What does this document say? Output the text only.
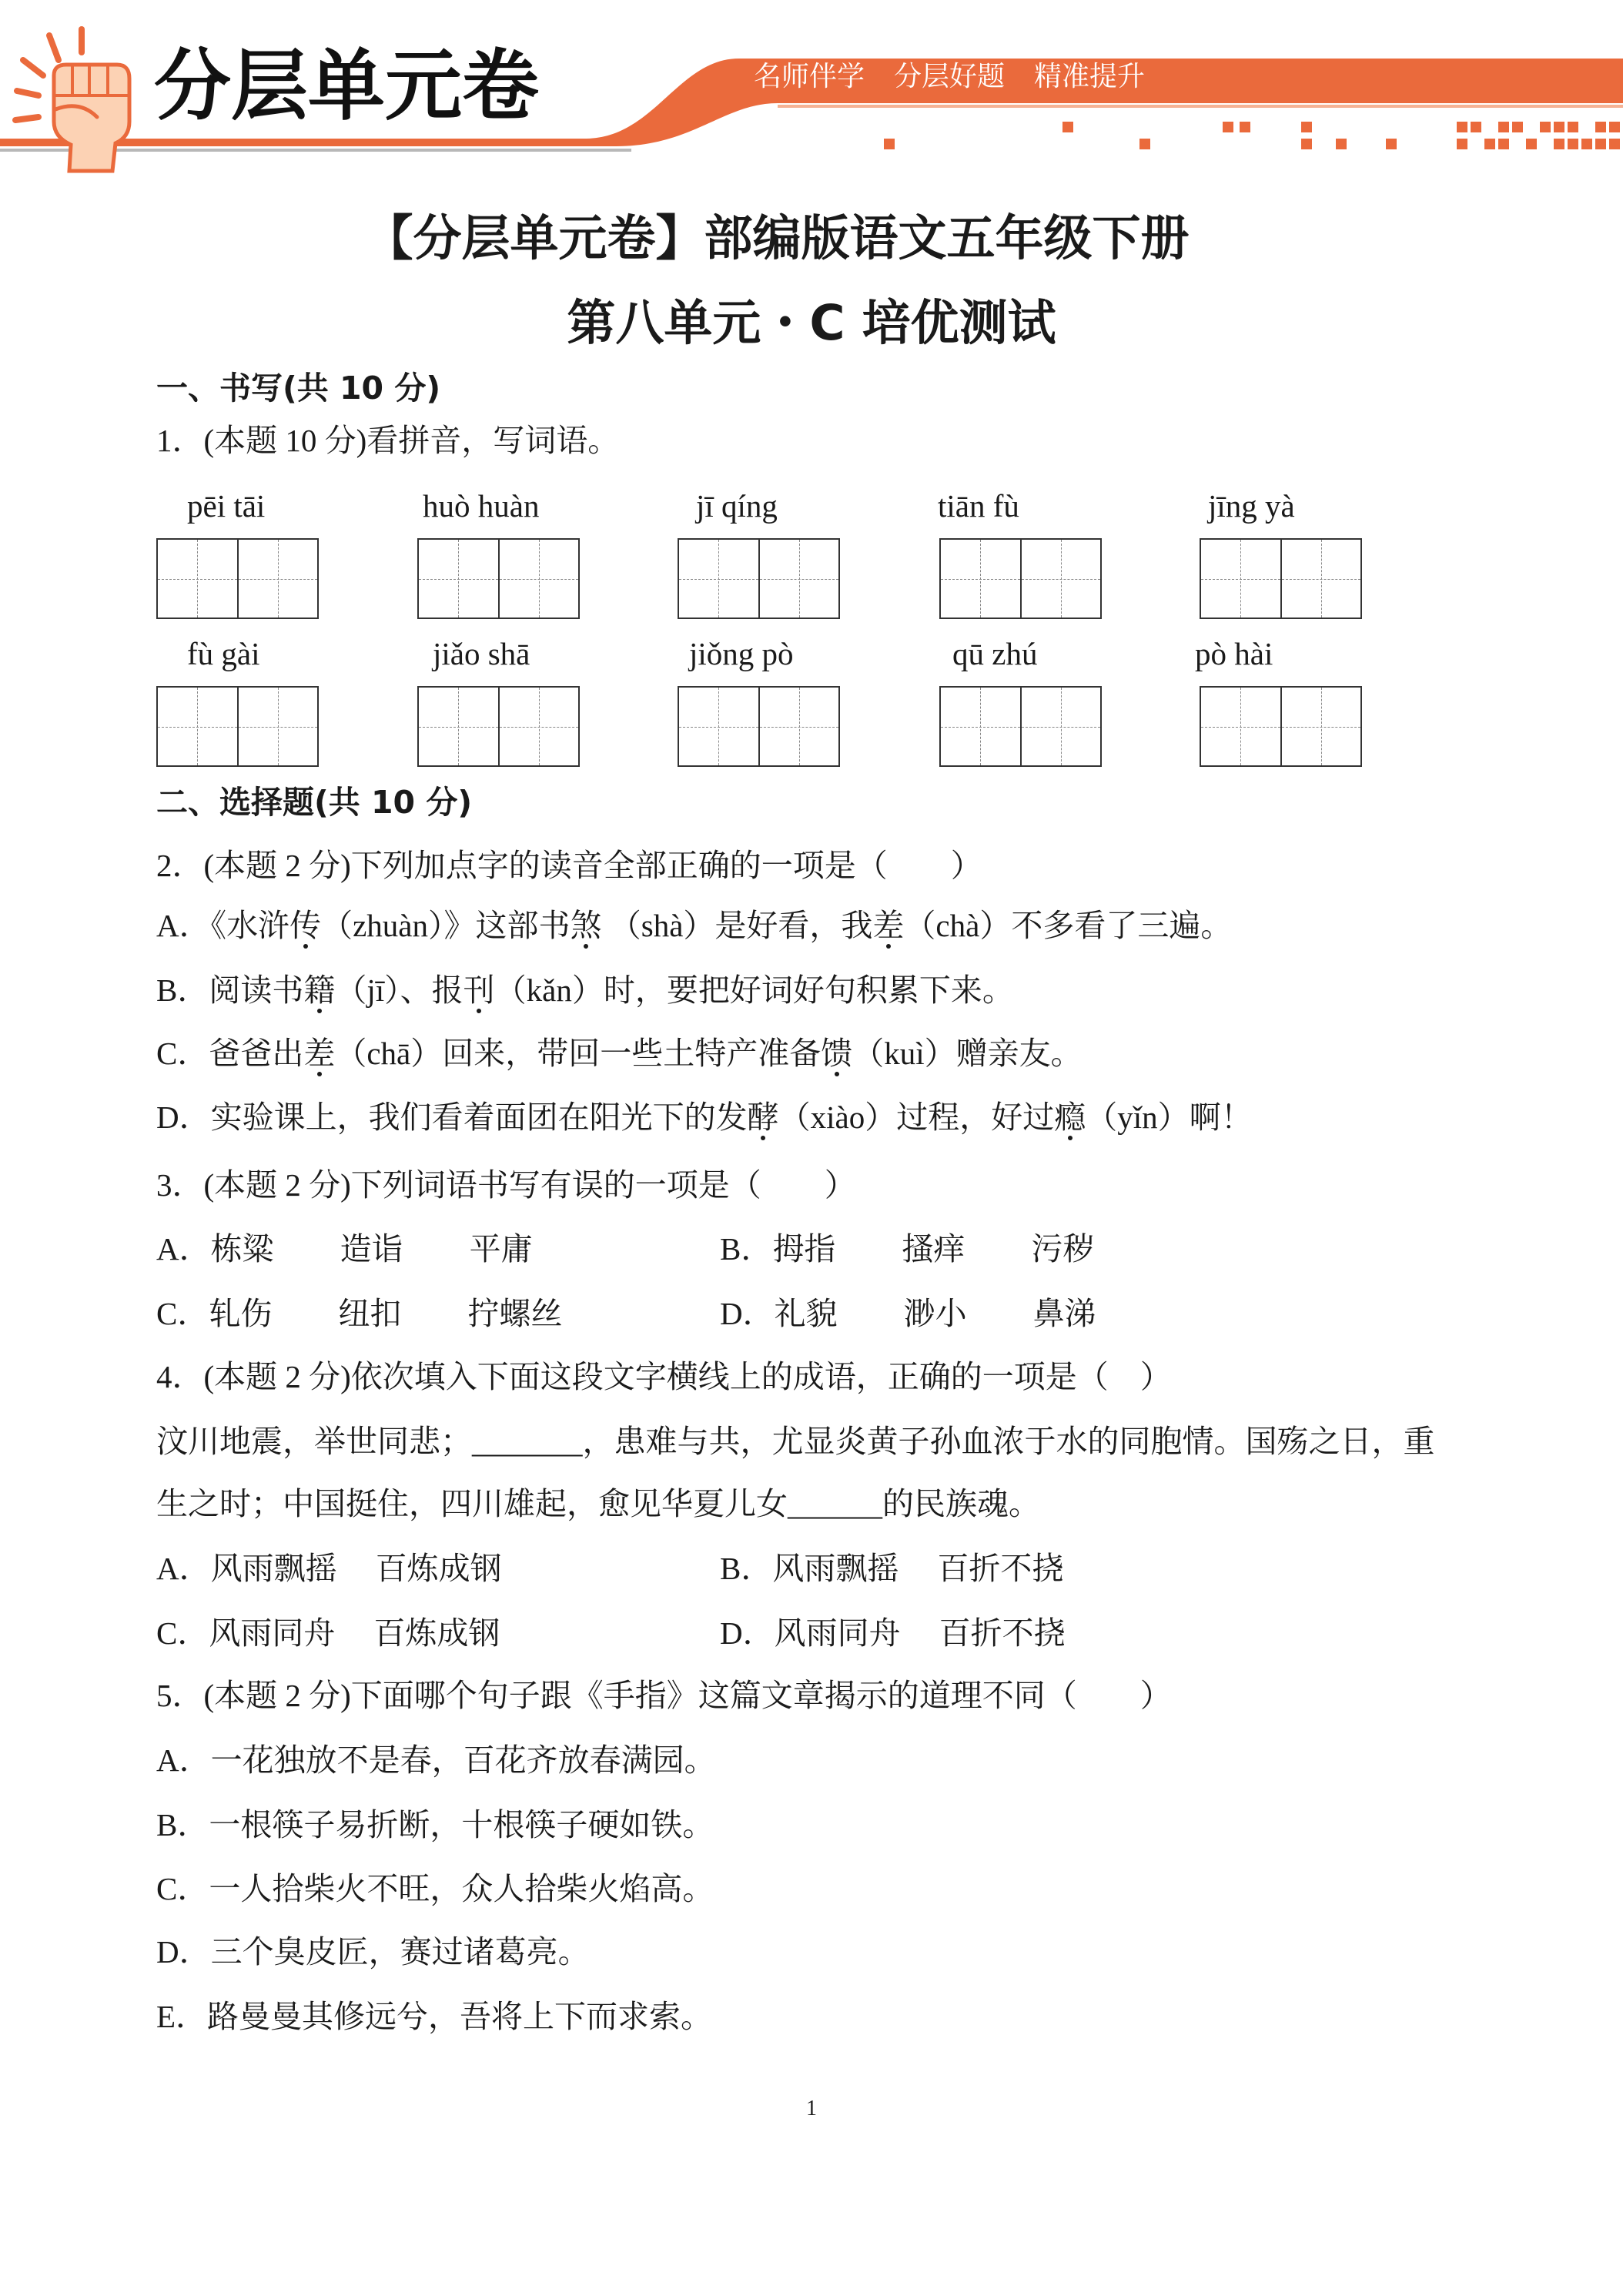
分层单元卷	名师伴学 分层好题 精准提升
【分层单元卷】部编版语文五年级下册
第八单元・C 培优测试
一、书写(共 10 分)
1．(本题 10 分)看拼音，写词语。
pēi tāi	huò huàn	jī qíng	tiān fù	jīng yà
fù gài	jiǎo shā	jiǒng pò	qū zhú	pò hài
二、选择题(共 10 分)
2．(本题 2 分)下列加点字的读音全部正确的一项是（　　）
A．《水浒传（zhuàn）》这部书煞 （shà）是好看，我差（chà）不多看了三遍。
B．阅读书籍（jī）、报刊（kǎn）时，要把好词好句积累下来。
C．爸爸出差（chā）回来，带回一些土特产准备馈（kuì）赠亲友。
D．实验课上，我们看着面团在阳光下的发酵（xiào）过程，好过瘾（yǐn）啊！
3．(本题 2 分)下列词语书写有误的一项是（　　）
A．栋粱 造诣 平庸	B．拇指 搔痒 污秽
C．轧伤 纽扣 拧螺丝	D．礼貌 渺小 鼻涕
4．(本题 2 分)依次填入下面这段文字横线上的成语，正确的一项是（　）
汶川地震，举世同悲；_______，患难与共，尤显炎黄子孙血浓于水的同胞情。国殇之日，重
生之时；中国挺住，四川雄起，愈见华夏儿女______的民族魂。
A．风雨飘摇 百炼成钢	B．风雨飘摇 百折不挠
C．风雨同舟 百炼成钢	D．风雨同舟 百折不挠
5．(本题 2 分)下面哪个句子跟《手指》这篇文章揭示的道理不同（　　）
A．一花独放不是春，百花齐放春满园。
B．一根筷子易折断，十根筷子硬如铁。
C．一人拾柴火不旺，众人拾柴火焰高。
D．三个臭皮匠，赛过诸葛亮。
E．路曼曼其修远兮，吾将上下而求索。
1
